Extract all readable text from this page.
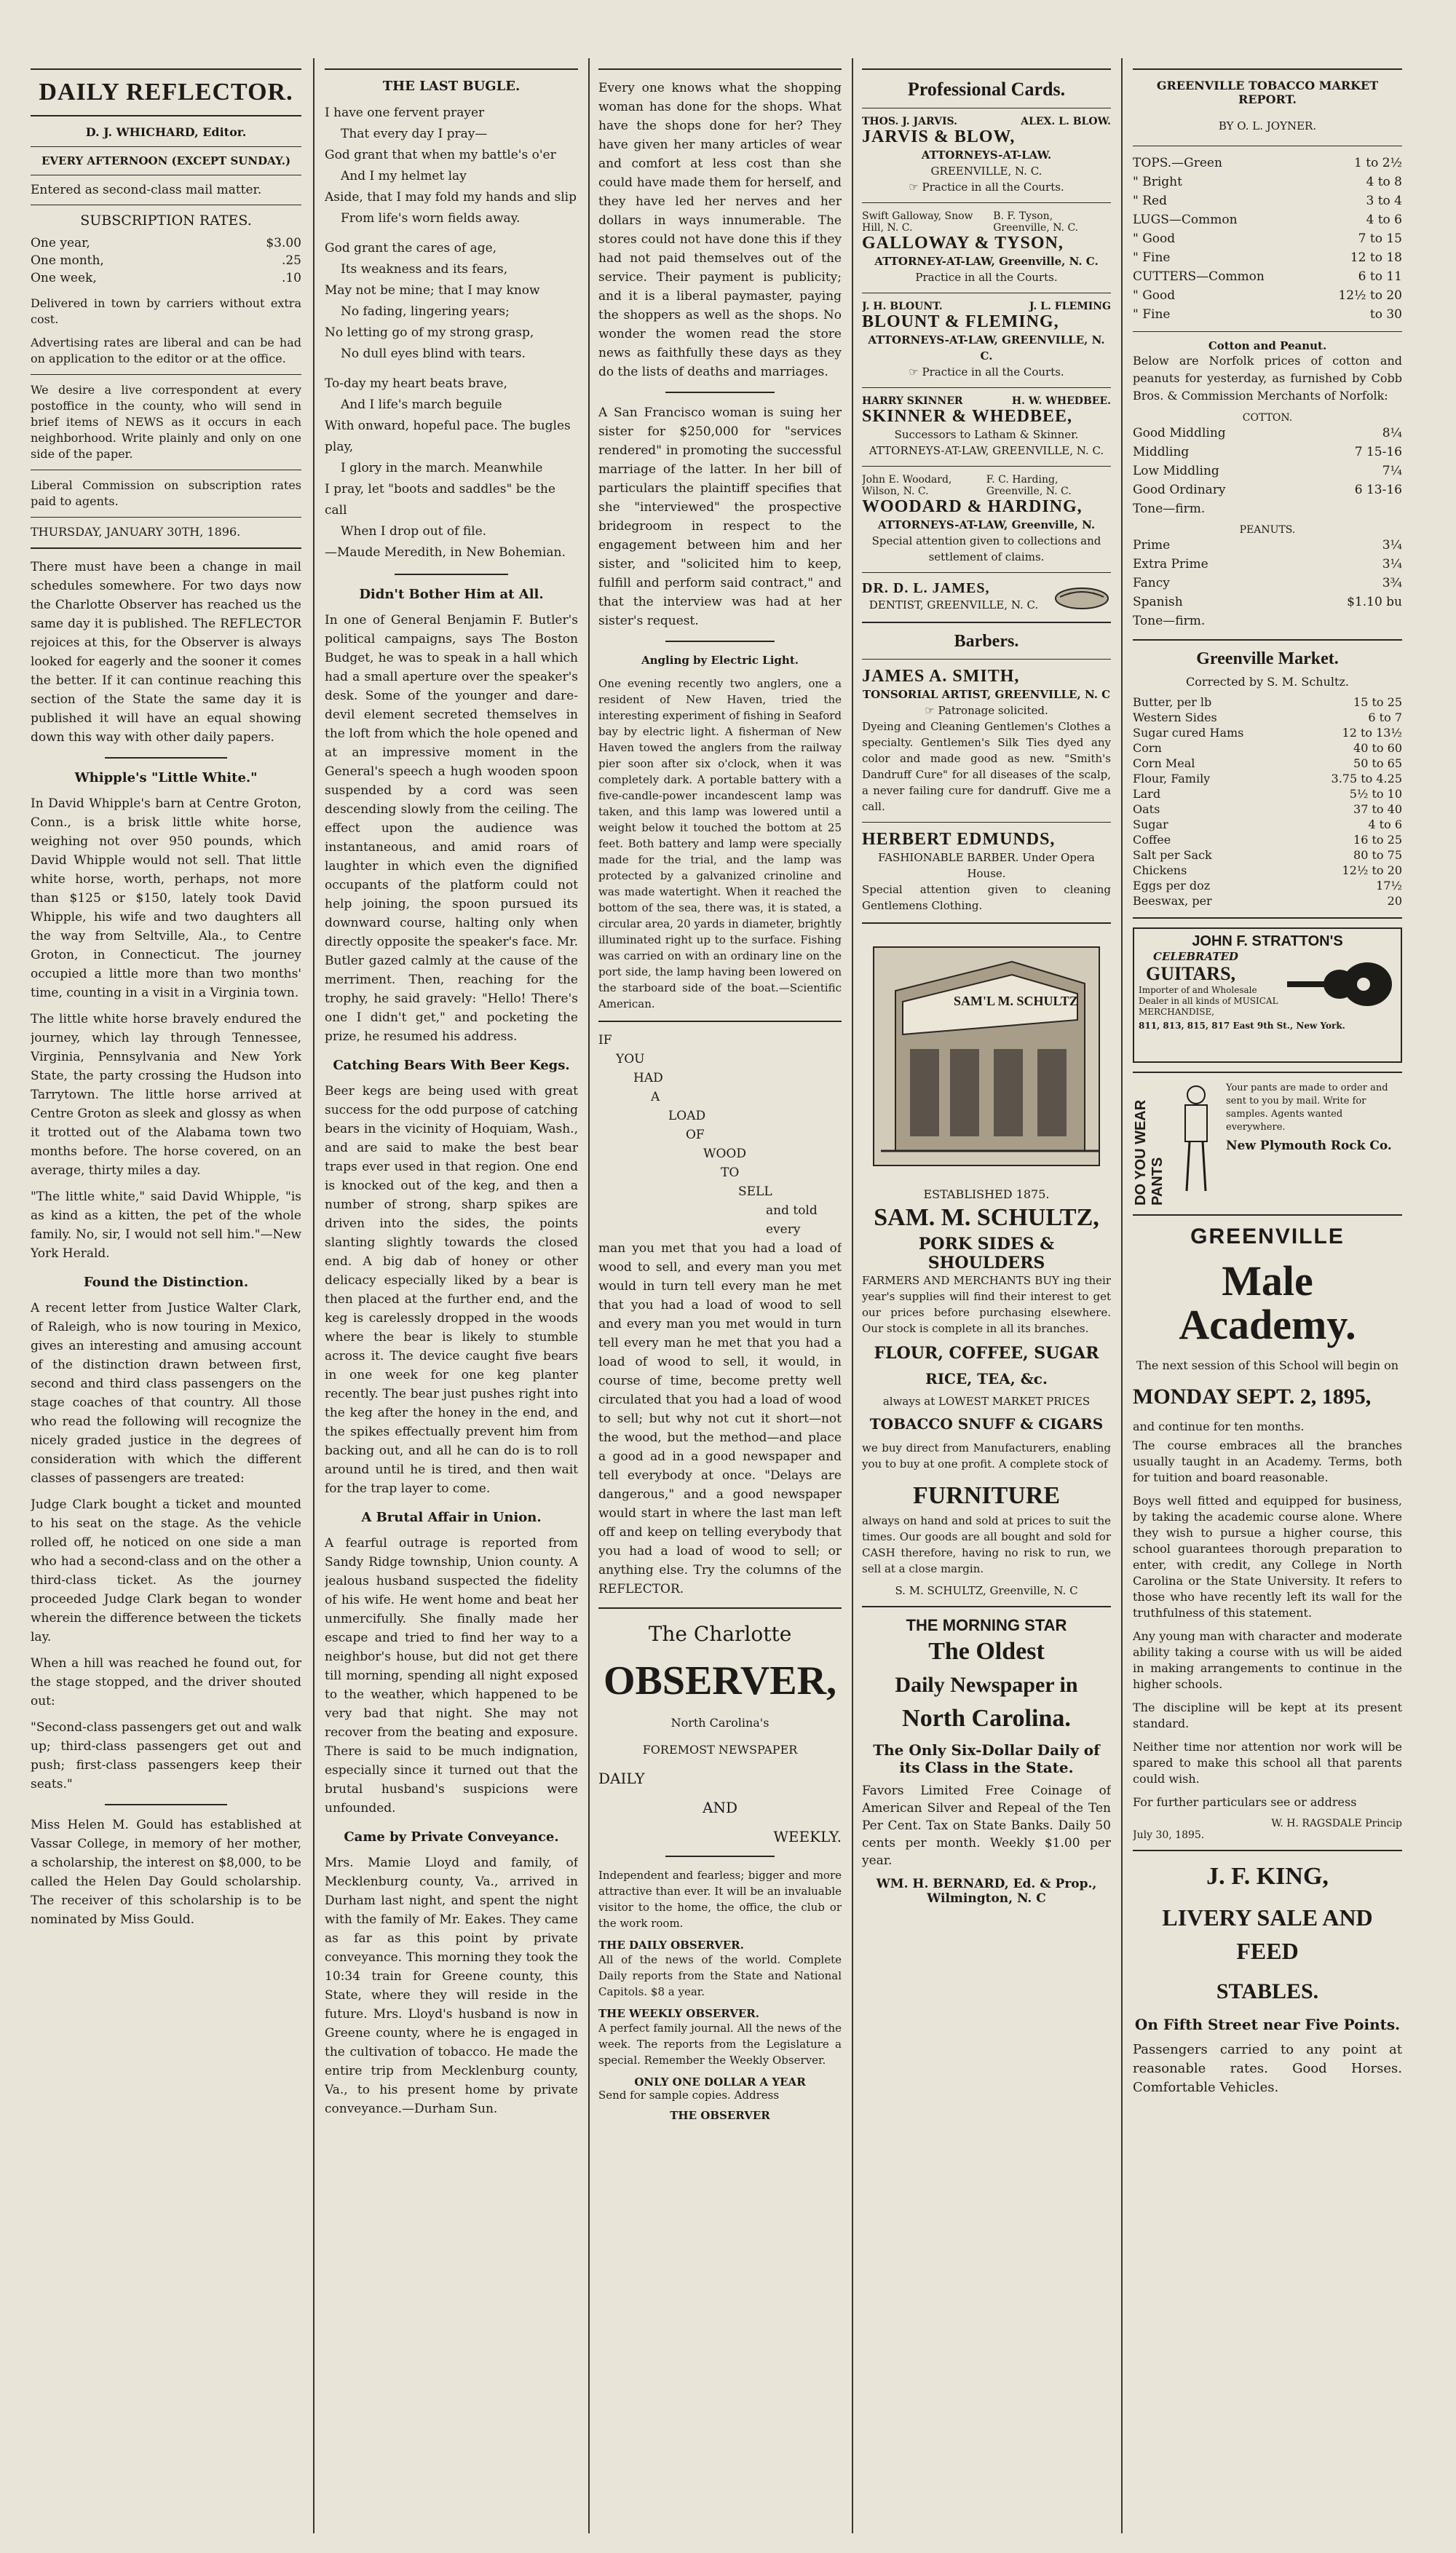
DAILY REFLECTOR.
D. J. WHICHARD, Editor.
EVERY AFTERNOON (EXCEPT SUNDAY.)
Entered as second-class mail matter.
SUBSCRIPTION RATES.
One year,	$3.00
One month,	.25
One week,	.10

Delivered in town by carriers without extra cost.

Advertising rates are liberal and can be had on application to the editor or at the office.

We desire a live correspondent at every postoffice in the county, who will send in brief items of NEWS as it occurs in each neighborhood. Write plainly and only on one side of the paper.

Liberal Commission on subscription rates paid to agents.

THURSDAY, JANUARY 30TH, 1896.

There must have been a change in mail schedules somewhere. For two days now the Charlotte Observer has reached us the same day it is published. The REFLECTOR rejoices at this, for the Observer is always looked for eagerly and the sooner it comes the better. If it can continue reaching this section of the State the same day it is published it will have an equal showing down this way with other daily papers.

Whipple's "Little White."

In David Whipple's barn at Centre Groton, Conn., is a brisk little white horse, weighing not over 950 pounds, which David Whipple would not sell. That little white horse, worth, perhaps, not more than $125 or $150, lately took David Whipple, his wife and two daughters all the way from Seltville, Ala., to Centre Groton, in Connecticut. The journey occupied a little more than two months' time, counting in a visit in a Virginia town.

The little white horse bravely endured the journey, which lay through Tennessee, Virginia, Pennsylvania and New York State, the party crossing the Hudson into Tarrytown. The little horse arrived at Centre Groton as sleek and glossy as when it trotted out of the Alabama town two months before. The horse covered, on an average, thirty miles a day.

"The little white," said David Whipple, "is as kind as a kitten, the pet of the whole family. No, sir, I would not sell him."—New York Herald.

Found the Distinction.

A recent letter from Justice Walter Clark, of Raleigh, who is now touring in Mexico, gives an interesting and amusing account of the distinction drawn between first, second and third class passengers on the stage coaches of that country. All those who read the following will recognize the nicely graded justice in the degrees of consideration with which the different classes of passengers are treated:

Judge Clark bought a ticket and mounted to his seat on the stage. As the vehicle rolled off, he noticed on one side a man who had a second-class and on the other a third-class ticket. As the journey proceeded Judge Clark began to wonder wherein the difference between the tickets lay.

When a hill was reached he found out, for the stage stopped, and the driver shouted out:

"Second-class passengers get out and walk up; third-class passengers get out and push; first-class passengers keep their seats."

Miss Helen M. Gould has established at Vassar College, in memory of her mother, a scholarship, the interest on $8,000, to be called the Helen Day Gould scholarship. The receiver of this scholarship is to be nominated by Miss Gould.

THE LAST BUGLE.

I have one fervent prayer

That every day I pray—

God grant that when my battle's o'er

And I my helmet lay

Aside, that I may fold my hands and slip

From life's worn fields away.

God grant the cares of age,

Its weakness and its fears,

May not be mine; that I may know

No fading, lingering years;

No letting go of my strong grasp,

No dull eyes blind with tears.

To-day my heart beats brave,

And I life's march beguile

With onward, hopeful pace. The bugles play,

I glory in the march. Meanwhile

I pray, let "boots and saddles" be the call

When I drop out of file.

—Maude Meredith, in New Bohemian.

Didn't Bother Him at All.

In one of General Benjamin F. Butler's political campaigns, says The Boston Budget, he was to speak in a hall which had a small aperture over the speaker's desk. Some of the younger and dare-devil element secreted themselves in the loft from which the hole opened and at an impressive moment in the General's speech a hugh wooden spoon suspended by a cord was seen descending slowly from the ceiling. The effect upon the audience was instantaneous, and amid roars of laughter in which even the dignified occupants of the platform could not help joining, the spoon pursued its downward course, halting only when directly opposite the speaker's face. Mr. Butler gazed calmly at the cause of the merriment. Then, reaching for the trophy, he said gravely: "Hello! There's one I didn't get," and pocketing the prize, he resumed his address.

Catching Bears With Beer Kegs.

Beer kegs are being used with great success for the odd purpose of catching bears in the vicinity of Hoquiam, Wash., and are said to make the best bear traps ever used in that region. One end is knocked out of the keg, and then a number of strong, sharp spikes are driven into the sides, the points slanting slightly towards the closed end. A big dab of honey or other delicacy especially liked by a bear is then placed at the further end, and the keg is carelessly dropped in the woods where the bear is likely to stumble across it. The device caught five bears in one week for one keg planter recently. The bear just pushes right into the keg after the honey in the end, and the spikes effectually prevent him from backing out, and all he can do is to roll around until he is tired, and then wait for the trap layer to come.

A Brutal Affair in Union.

A fearful outrage is reported from Sandy Ridge township, Union county. A jealous husband suspected the fidelity of his wife. He went home and beat her unmercifully. She finally made her escape and tried to find her way to a neighbor's house, but did not get there till morning, spending all night exposed to the weather, which happened to be very bad that night. She may not recover from the beating and exposure. There is said to be much indignation, especially since it turned out that the brutal husband's suspicions were unfounded.

Came by Private Conveyance.

Mrs. Mamie Lloyd and family, of Mecklenburg county, Va., arrived in Durham last night, and spent the night with the family of Mr. Eakes. They came as far as this point by private conveyance. This morning they took the 10:34 train for Greene county, this State, where they will reside in the future. Mrs. Lloyd's husband is now in Greene county, where he is engaged in the cultivation of tobacco. He made the entire trip from Mecklenburg county, Va., to his present home by private conveyance.—Durham Sun.

Every one knows what the shopping woman has done for the shops. What have the shops done for her? They have given her many articles of wear and comfort at less cost than she could have made them for herself, and they have led her nerves and her dollars in ways innumerable. The stores could not have done this if they had not paid themselves out of the service. Their payment is publicity; and it is a liberal paymaster, paying the shoppers as well as the shops. No wonder the women read the store news as faithfully these days as they do the lists of deaths and marriages.

A San Francisco woman is suing her sister for $250,000 for "services rendered" in promoting the successful marriage of the latter. In her bill of particulars the plaintiff specifies that she "interviewed" the prospective bridegroom in respect to the engagement between him and her sister, and "solicited him to keep, fulfill and perform said contract," and that the interview was had at her sister's request.

Angling by Electric Light.

One evening recently two anglers, one a resident of New Haven, tried the interesting experiment of fishing in Seaford bay by electric light. A fisherman of New Haven towed the anglers from the railway pier soon after six o'clock, when it was completely dark. A portable battery with a five-candle-power incandescent lamp was taken, and this lamp was lowered until a weight below it touched the bottom at 25 feet. Both battery and lamp were specially made for the trial, and the lamp was protected by a galvanized crinoline and was made watertight. When it reached the bottom of the sea, there was, it is stated, a circular area, 20 yards in diameter, brightly illuminated right up to the surface. Fishing was carried on with an ordinary line on the port side, the lamp having been lowered on the starboard side of the boat.—Scientific American.

IF
YOU
HAD
A
LOAD
OF
WOOD
TO
SELL
and told every

man you met that you had a load of wood to sell, and every man you met would in turn tell every man he met that you had a load of wood to sell and every man you met would in turn tell every man he met that you had a load of wood to sell, it would, in course of time, become pretty well circulated that you had a load of wood to sell; but why not cut it short—not the wood, but the method—and place a good ad in a good newspaper and tell everybody at once. "Delays are dangerous," and a good newspaper would start in where the last man left off and keep on telling everybody that you had a load of wood to sell; or anything else. Try the columns of the REFLECTOR.

The Charlotte
OBSERVER,
North Carolina's
FOREMOST NEWSPAPER
DAILY
AND
WEEKLY.

Independent and fearless; bigger and more attractive than ever. It will be an invaluable visitor to the home, the office, the club or the work room.

THE DAILY OBSERVER.

All of the news of the world. Complete Daily reports from the State and National Capitols. $8 a year.

THE WEEKLY OBSERVER.

A perfect family journal. All the news of the week. The reports from the Legislature a special. Remember the Weekly Observer.

ONLY ONE DOLLAR A YEAR
Send for sample copies. Address
THE OBSERVER
Professional Cards.
THOS. J. JARVIS.	ALEX. L. BLOW.
JARVIS & BLOW,
ATTORNEYS-AT-LAW.
GREENVILLE, N. C.
☞ Practice in all the Courts.
Swift Galloway, Snow Hill, N. C.
B. F. Tyson, Greenville, N. C.
GALLOWAY & TYSON,
ATTORNEY-AT-LAW, Greenville, N. C.
Practice in all the Courts.
J. H. BLOUNT.	J. L. FLEMING
BLOUNT & FLEMING,
ATTORNEYS-AT-LAW, GREENVILLE, N. C.
☞ Practice in all the Courts.
HARRY SKINNER	H. W. WHEDBEE.
SKINNER & WHEDBEE,
Successors to Latham & Skinner. ATTORNEYS-AT-LAW, GREENVILLE, N. C.
John E. Woodard, Wilson, N. C.
F. C. Harding, Greenville, N. C.
WOODARD & HARDING,
ATTORNEYS-AT-LAW, Greenville, N.
Special attention given to collections and settlement of claims.
DR. D. L. JAMES,
DENTIST, GREENVILLE, N. C.
Barbers.
JAMES A. SMITH,
TONSORIAL ARTIST, GREENVILLE, N. C
☞ Patronage solicited.

Dyeing and Cleaning Gentlemen's Clothes a specialty. Gentlemen's Silk Ties dyed any color and made good as new. "Smith's Dandruff Cure" for all diseases of the scalp, a never failing cure for dandruff. Give me a call.

HERBERT EDMUNDS,
FASHIONABLE BARBER. Under Opera House.

Special attention given to cleaning Gentlemens Clothing.

SAM'L M. SCHULTZ
ESTABLISHED 1875.
SAM. M. SCHULTZ,
PORK SIDES & SHOULDERS

FARMERS AND MERCHANTS BUY ing their year's supplies will find their interest to get our prices before purchasing elsewhere. Our stock is complete in all its branches.

FLOUR, COFFEE, SUGAR
RICE, TEA, &c.
always at LOWEST MARKET PRICES
TOBACCO SNUFF & CIGARS

we buy direct from Manufacturers, enabling you to buy at one profit. A complete stock of

FURNITURE

always on hand and sold at prices to suit the times. Our goods are all bought and sold for CASH therefore, having no risk to run, we sell at a close margin.

S. M. SCHULTZ, Greenville, N. C
THE MORNING STAR
The Oldest
Daily Newspaper in
North Carolina.
The Only Six-Dollar Daily of its Class in the State.

Favors Limited Free Coinage of American Silver and Repeal of the Ten Per Cent. Tax on State Banks. Daily 50 cents per month. Weekly $1.00 per year.

WM. H. BERNARD, Ed. & Prop., Wilmington, N. C
GREENVILLE TOBACCO MARKET REPORT.
BY O. L. JOYNER.
TOPS.—Green	1 to 2½
" Bright	4 to 8
" Red	3 to 4
LUGS—Common	4 to 6
" Good	7 to 15
" Fine	12 to 18
CUTTERS—Common	6 to 11
" Good	12½ to 20
" Fine	to 30
Cotton and Peanut.

Below are Norfolk prices of cotton and peanuts for yesterday, as furnished by Cobb Bros. & Commission Merchants of Norfolk:

COTTON.
Good Middling	8¼
Middling	7 15-16
Low Middling	7¼
Good Ordinary	6 13-16
Tone—firm.
PEANUTS.
Prime	3¼
Extra Prime	3¼
Fancy	3¾
Spanish	$1.10 bu
Tone—firm.
Greenville Market.
Corrected by S. M. Schultz.
Butter, per lb	15 to 25
Western Sides	6 to 7
Sugar cured Hams	12 to 13½
Corn	40 to 60
Corn Meal	50 to 65
Flour, Family	3.75 to 4.25
Lard	5½ to 10
Oats	37 to 40
Sugar	4 to 6
Coffee	16 to 25
Salt per Sack	80 to 75
Chickens	12½ to 20
Eggs per doz	17½
Beeswax, per	20
JOHN F. STRATTON'S
CELEBRATED
GUITARS,
Importer of and Wholesale Dealer in all kinds of MUSICAL MERCHANDISE,
811, 813, 815, 817 East 9th St., New York.
DO YOU WEAR PANTS
Your pants are made to order and sent to you by mail. Write for samples. Agents wanted everywhere.
New Plymouth Rock Co.
GREENVILLE
Male Academy.
The next session of this School will begin on
MONDAY SEPT. 2, 1895,
and continue for ten months.

The course embraces all the branches usually taught in an Academy. Terms, both for tuition and board reasonable.

Boys well fitted and equipped for business, by taking the academic course alone. Where they wish to pursue a higher course, this school guarantees thorough preparation to enter, with credit, any College in North Carolina or the State University. It refers to those who have recently left its wall for the truthfulness of this statement.

Any young man with character and moderate ability taking a course with us will be aided in making arrangements to continue in the higher schools.

The discipline will be kept at its present standard.

Neither time nor attention nor work will be spared to make this school all that parents could wish.

For further particulars see or address

W. H. RAGSDALE Princip
July 30, 1895.
J. F. KING,
LIVERY SALE AND FEED
STABLES.
On Fifth Street near Five Points.

Passengers carried to any point at reasonable rates. Good Horses. Comfortable Vehicles.
